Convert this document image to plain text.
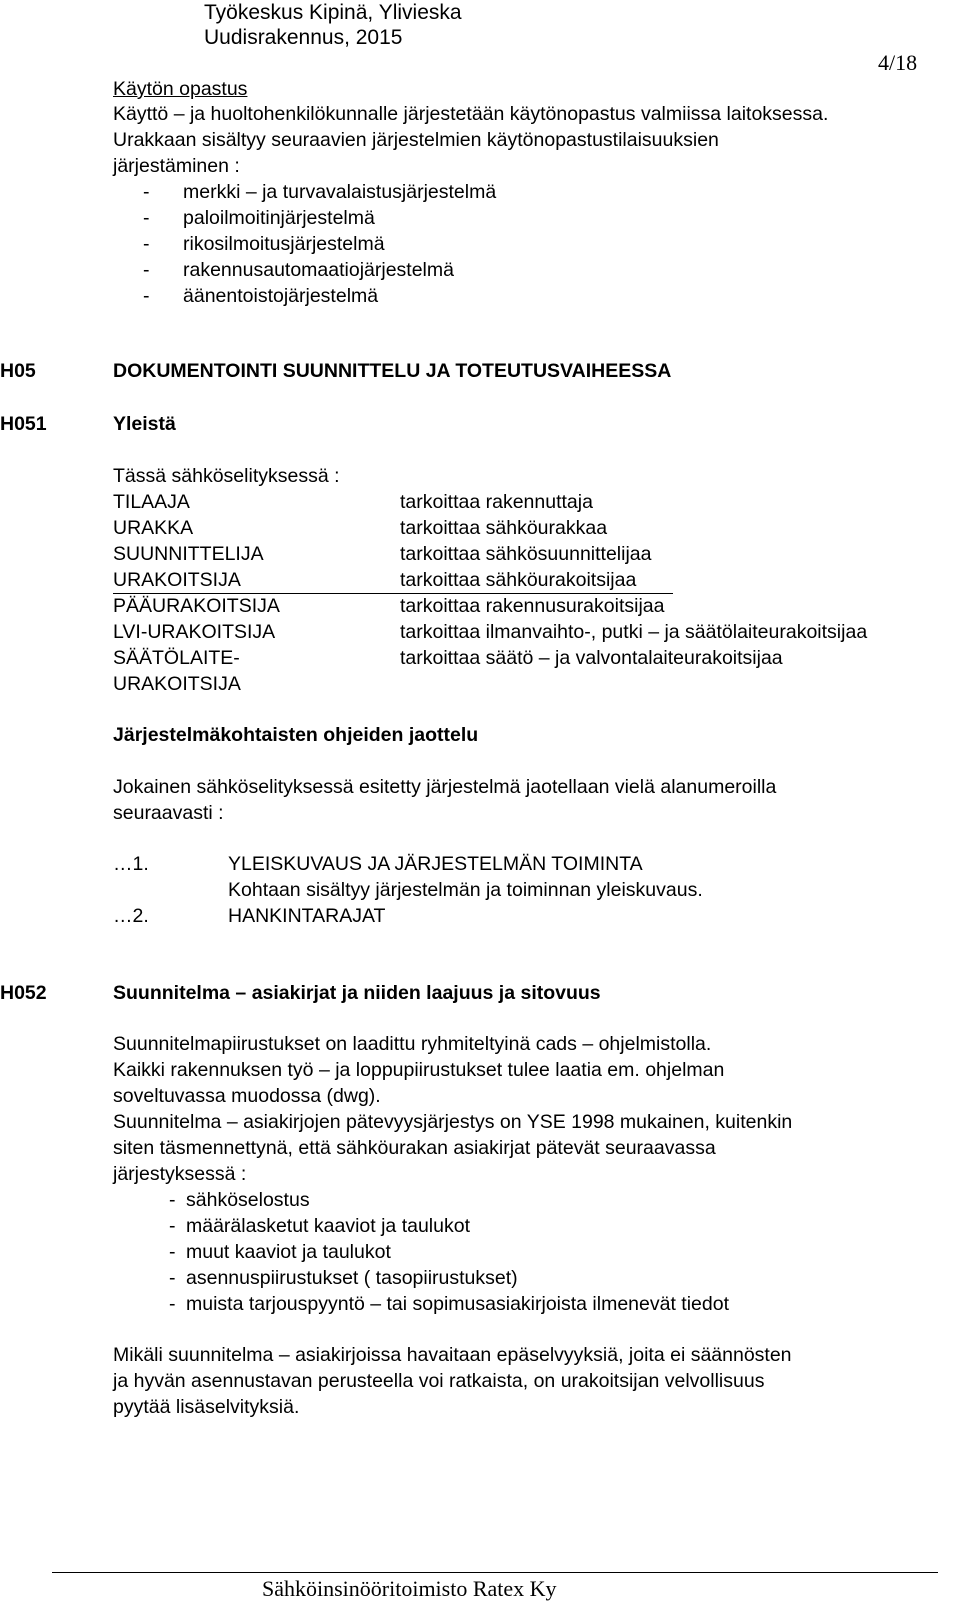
Työkeskus Kipinä, Ylivieska
Uudisrakennus, 2015
4/18
Käytön opastus
Käyttö – ja huoltohenkilökunnalle järjestetään käytönopastus valmiissa laitoksessa.
Urakkaan sisältyy seuraavien järjestelmien käytönopastustilaisuuksien
järjestäminen :
- merkki – ja turvavalaistusjärjestelmä
- paloilmoitinjärjestelmä
- rikosilmoitusjärjestelmä
- rakennusautomaatiojärjestelmä
- äänentoistojärjestelmä
H05	DOKUMENTOINTI SUUNNITTELU JA TOTEUTUSVAIHEESSA
H051	Yleistä
Tässä sähköselityksessä :
TILAAJA	tarkoittaa rakennuttaja
URAKKA	tarkoittaa sähköurakkaa
SUUNNITTELIJA	tarkoittaa sähkösuunnittelijaa
URAKOITSIJA	tarkoittaa sähköurakoitsijaa
PÄÄURAKOITSIJA	tarkoittaa rakennusurakoitsijaa
LVI-URAKOITSIJA	tarkoittaa ilmanvaihto-, putki – ja säätölaiteurakoitsijaa
SÄÄTÖLAITE-	tarkoittaa säätö – ja valvontalaiteurakoitsijaa
URAKOITSIJA
Järjestelmäkohtaisten ohjeiden jaottelu
Jokainen sähköselityksessä esitetty järjestelmä jaotellaan vielä alanumeroilla
seuraavasti :
…1.	YLEISKUVAUS JA JÄRJESTELMÄN TOIMINTA
Kohtaan sisältyy järjestelmän ja toiminnan yleiskuvaus.
…2.	HANKINTARAJAT
H052	Suunnitelma – asiakirjat ja niiden laajuus ja sitovuus
Suunnitelmapiirustukset on laadittu ryhmiteltyinä cads – ohjelmistolla.
Kaikki rakennuksen työ – ja loppupiirustukset tulee laatia em. ohjelman
soveltuvassa muodossa (dwg).
Suunnitelma – asiakirjojen pätevyysjärjestys on YSE 1998 mukainen, kuitenkin
siten täsmennettynä, että sähköurakan asiakirjat pätevät seuraavassa
järjestyksessä :
- sähköselostus
- määrälasketut kaaviot ja taulukot
- muut kaaviot ja taulukot
- asennuspiirustukset ( tasopiirustukset)
- muista tarjouspyyntö – tai sopimusasiakirjoista ilmenevät tiedot
Mikäli suunnitelma – asiakirjoissa havaitaan epäselvyyksiä, joita ei säännösten
ja hyvän asennustavan perusteella voi ratkaista, on urakoitsijan velvollisuus
pyytää lisäselvityksiä.
Sähköinsinööritoimisto Ratex Ky
